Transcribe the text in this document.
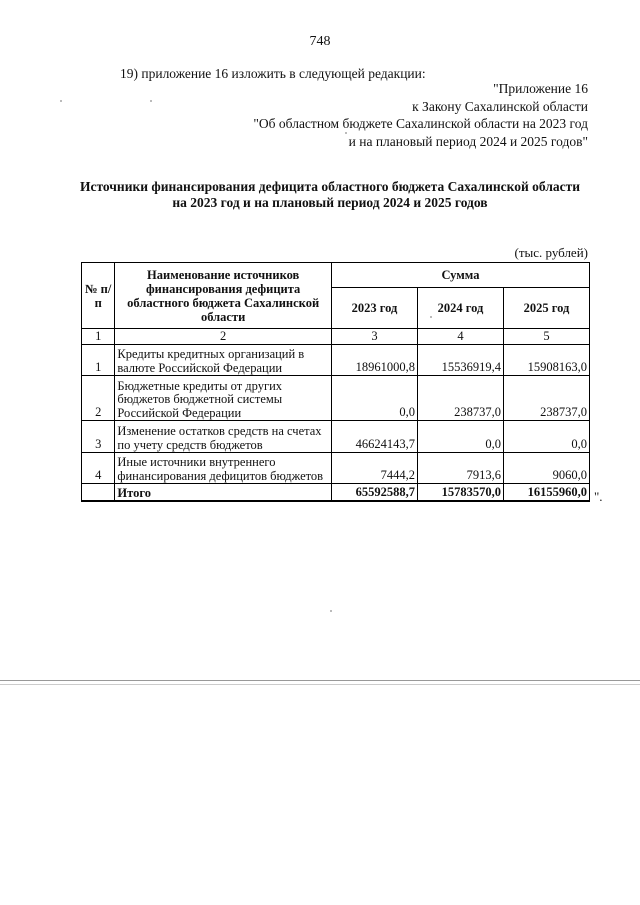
748
19) приложение 16 изложить в следующей редакции:
"Приложение 16
к Закону Сахалинской области
"Об областном бюджете Сахалинской области на 2023 год
и на плановый период 2024 и 2025 годов"
Источники финансирования дефицита областного бюджета Сахалинской области
на 2023 год и на плановый период 2024 и 2025 годов
(тыс. рублей)
№ п/п	Наименование источников финансирования дефицита областного бюджета Сахалинской области	Сумма		
		2023 год	2024 год	2025 год
1	2	3	4	5
1	Кредиты кредитных организаций в валюте Российской Федерации	18961000,8	15536919,4	15908163,0
2	Бюджетные кредиты от других бюджетов бюджетной системы Российской Федерации	0,0	238737,0	238737,0
3	Изменение остатков средств на счетах по учету средств бюджетов	46624143,7	0,0	0,0
4	Иные источники внутреннего финансирования дефицитов бюджетов	7444,2	7913,6	9060,0
	Итого	65592588,7	15783570,0	16155960,0 ".
